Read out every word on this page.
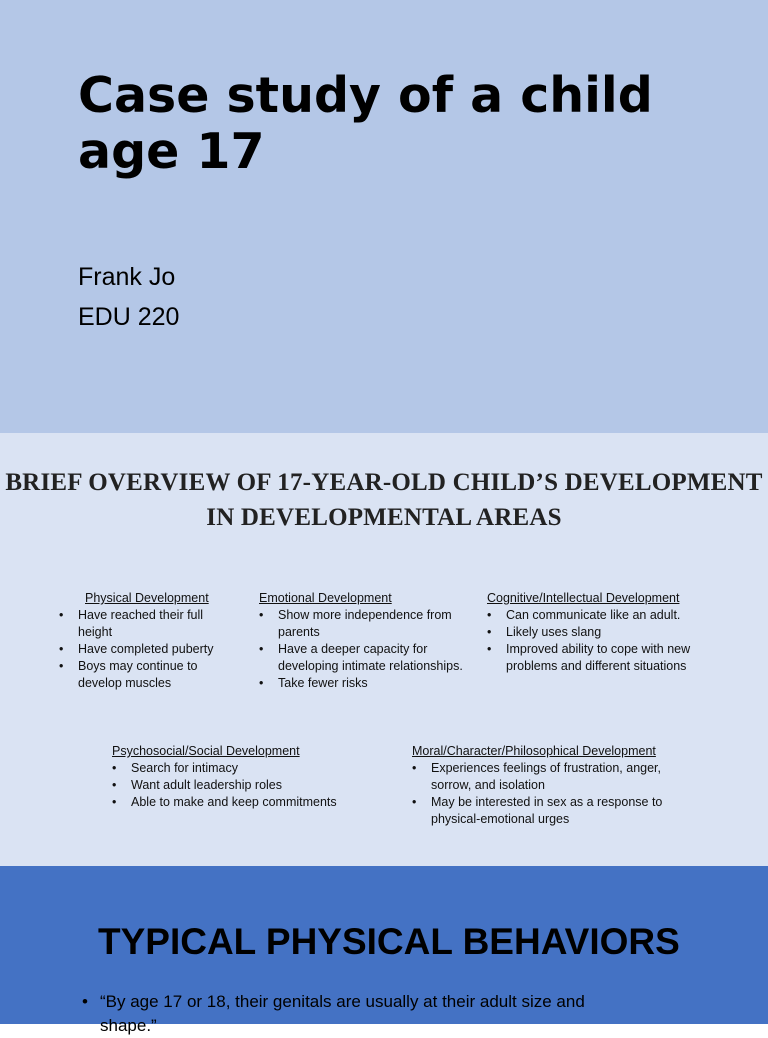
Case study of a child age 17

Frank Jo

EDU 220

BRIEF OVERVIEW OF 17-YEAR-OLD CHILD’S DEVELOPMENT IN DEVELOPMENTAL AREAS

Physical Development

• Have reached their full height
• Have completed puberty
• Boys may continue to develop muscles

Emotional Development

• Show more independence from parents
• Have a deeper capacity for developing intimate relationships.
• Take fewer risks

Cognitive/Intellectual Development

• Can communicate like an adult.
• Likely uses slang
• Improved ability to cope with new problems and different situations

Psychosocial/Social Development

• Search for intimacy
• Want adult leadership roles
• Able to make and keep commitments

Moral/Character/Philosophical Development

• Experiences feelings of frustration, anger, sorrow, and isolation
• May be interested in sex as a response to physical-emotional urges
TYPICAL PHYSICAL BEHAVIORS

• “By age 17 or 18, their genitals are usually at their adult size and shape.”
